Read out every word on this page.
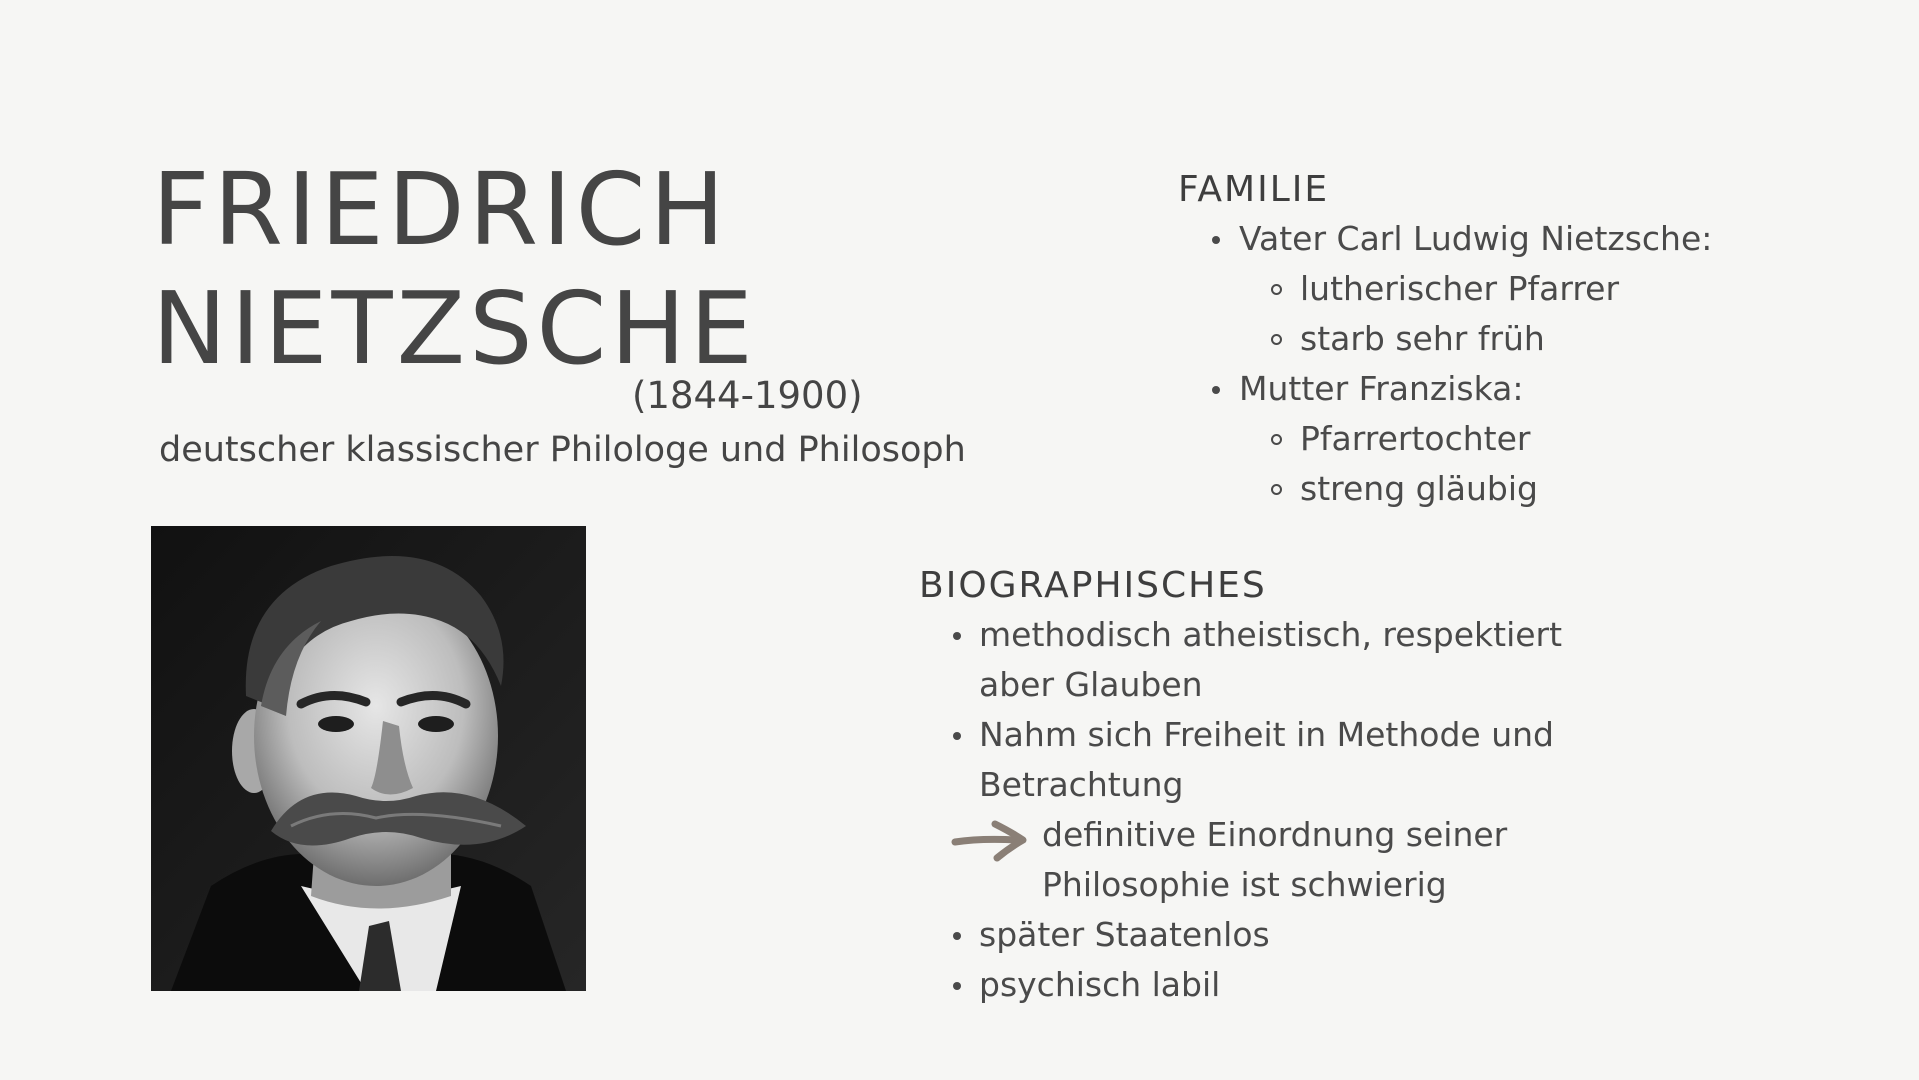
FRIEDRICH
NIETZSCHE
(1844-1900)
deutscher klassischer Philologe und Philosoph
FAMILIE
Vater Carl Ludwig Nietzsche:
lutherischer Pfarrer
starb sehr früh
Mutter Franziska:
Pfarrertochter
streng gläubig
BIOGRAPHISCHES
methodisch atheistisch, respektiert aber Glauben
Nahm sich Freiheit in Methode und Betrachtung
definitive Einordnung seiner Philosophie ist schwierig
später Staatenlos
psychisch labil
